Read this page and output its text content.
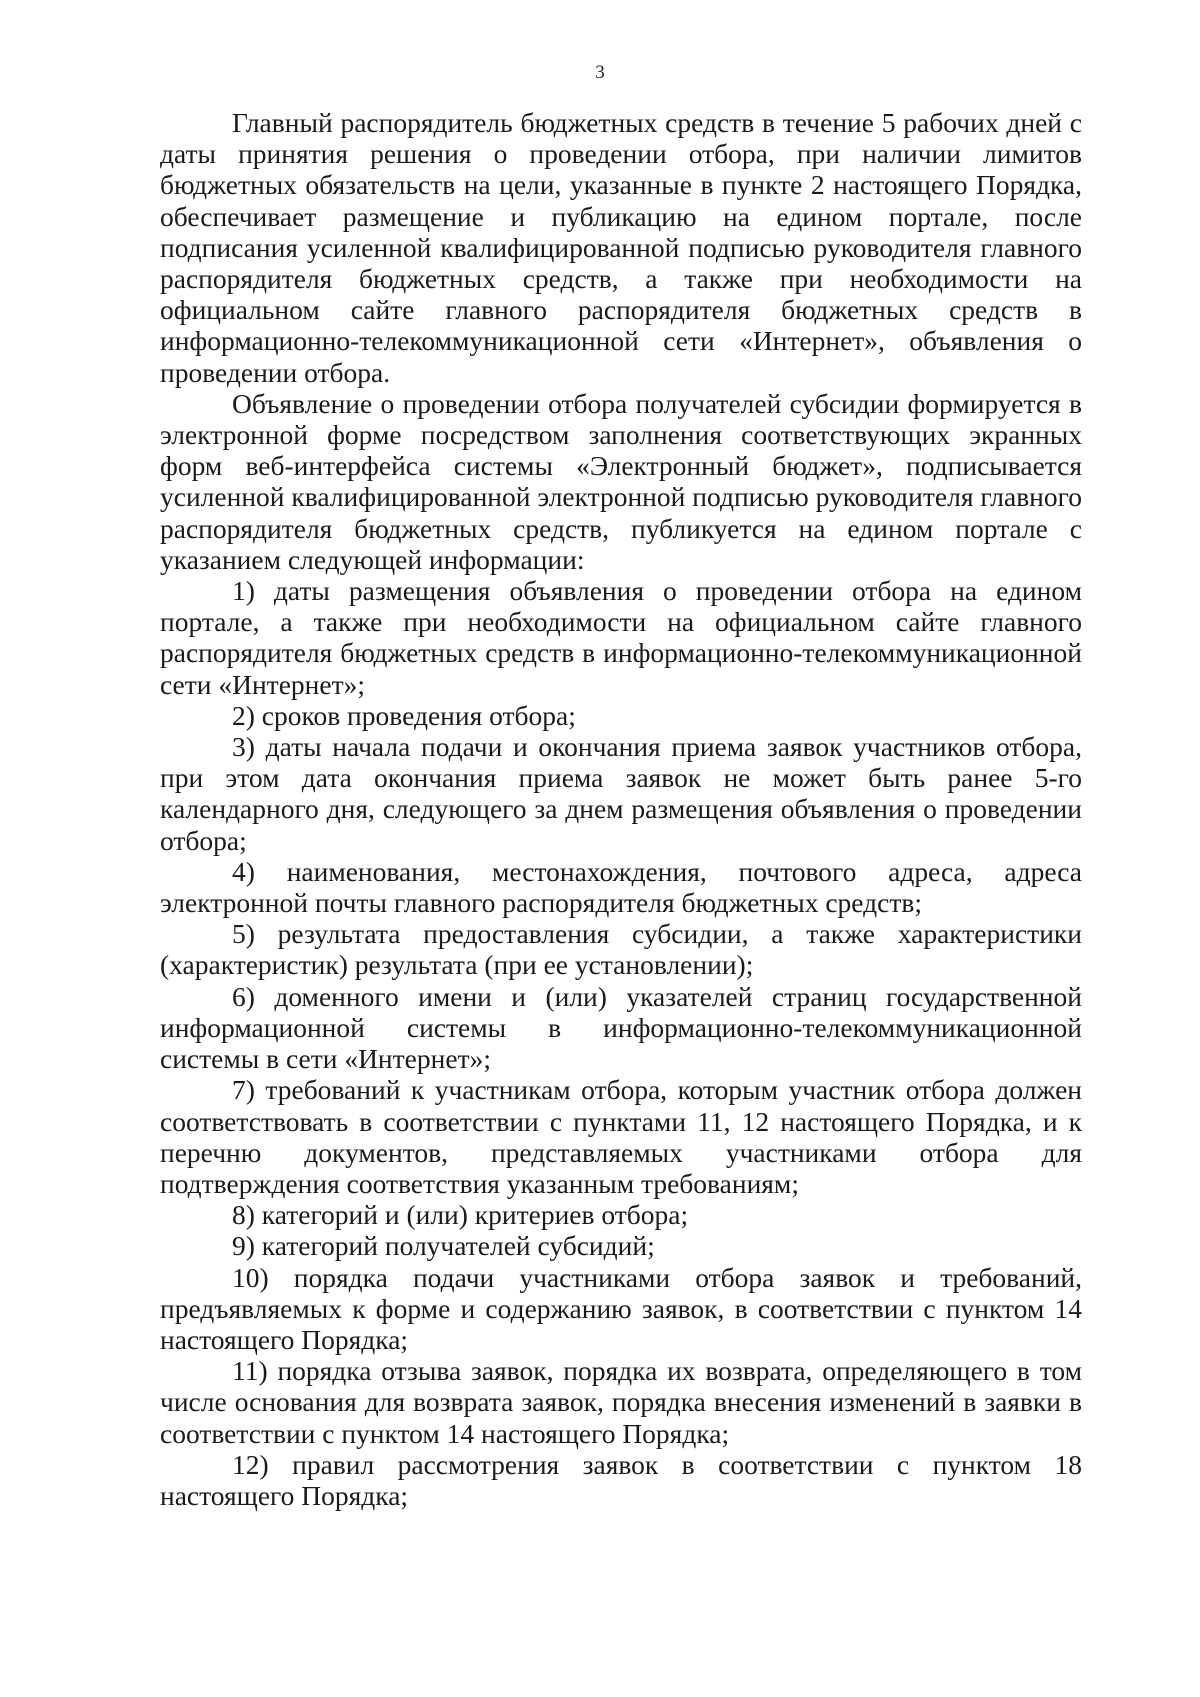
3

Главный распорядитель бюджетных средств в течение 5 рабочих дней с даты принятия решения о проведении отбора, при наличии лимитов бюджетных обязательств на цели, указанные в пункте 2 настоящего Порядка, обеспечивает размещение и публикацию на едином портале, после подписания усиленной квалифицированной подписью руководителя главного распорядителя бюджетных средств, а также при необходимости на официальном сайте главного распорядителя бюджетных средств в информационно-телекоммуникационной сети «Интернет», объявления о проведении отбора.

Объявление о проведении отбора получателей субсидии формируется в электронной форме посредством заполнения соответствующих экранных форм веб-интерфейса системы «Электронный бюджет», подписывается усиленной квалифицированной электронной подписью руководителя главного распорядителя бюджетных средств, публикуется на едином портале с указанием следующей информации:

1) даты размещения объявления о проведении отбора на едином портале, а также при необходимости на официальном сайте главного распорядителя бюджетных средств в информационно-телекоммуникационной сети «Интернет»;

2) сроков проведения отбора;

3) даты начала подачи и окончания приема заявок участников отбора, при этом дата окончания приема заявок не может быть ранее 5-го календарного дня, следующего за днем размещения объявления о проведении отбора;

4) наименования, местонахождения, почтового адреса, адреса электронной почты главного распорядителя бюджетных средств;

5) результата предоставления субсидии, а также характеристики (характеристик) результата (при ее установлении);

6) доменного имени и (или) указателей страниц государственной информационной системы в информационно-телекоммуникационной системы в сети «Интернет»;

7) требований к участникам отбора, которым участник отбора должен соответствовать в соответствии с пунктами 11, 12 настоящего Порядка, и к перечню документов, представляемых участниками отбора для подтверждения соответствия указанным требованиям;

8) категорий и (или) критериев отбора;

9) категорий получателей субсидий;

10) порядка подачи участниками отбора заявок и требований, предъявляемых к форме и содержанию заявок, в соответствии с пунктом 14 настоящего Порядка;

11) порядка отзыва заявок, порядка их возврата, определяющего в том числе основания для возврата заявок, порядка внесения изменений в заявки в соответствии с пунктом 14 настоящего Порядка;

12) правил рассмотрения заявок в соответствии с пунктом 18 настоящего Порядка;
